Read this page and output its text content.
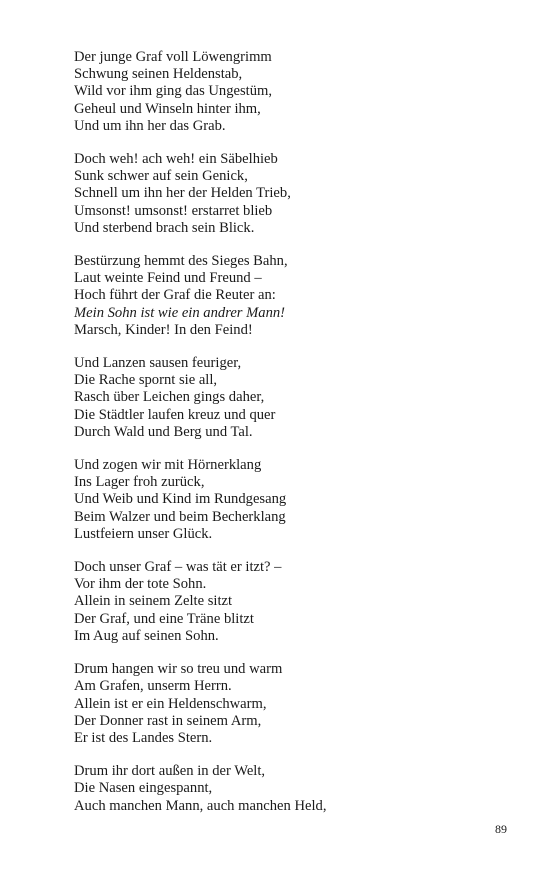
Der junge Graf voll Löwengrimm
Schwung seinen Heldenstab,
Wild vor ihm ging das Ungestüm,
Geheul und Winseln hinter ihm,
Und um ihn her das Grab.
Doch weh! ach weh! ein Säbelhieb
Sunk schwer auf sein Genick,
Schnell um ihn her der Helden Trieb,
Umsonst! umsonst! erstarret blieb
Und sterbend brach sein Blick.
Bestürzung hemmt des Sieges Bahn,
Laut weinte Feind und Freund –
Hoch führt der Graf die Reuter an:
Mein Sohn ist wie ein andrer Mann!
Marsch, Kinder! In den Feind!
Und Lanzen sausen feuriger,
Die Rache spornt sie all,
Rasch über Leichen gings daher,
Die Städtler laufen kreuz und quer
Durch Wald und Berg und Tal.
Und zogen wir mit Hörnerklang
Ins Lager froh zurück,
Und Weib und Kind im Rundgesang
Beim Walzer und beim Becherklang
Lustfeiern unser Glück.
Doch unser Graf – was tät er itzt? –
Vor ihm der tote Sohn.
Allein in seinem Zelte sitzt
Der Graf, und eine Träne blitzt
Im Aug auf seinen Sohn.
Drum hangen wir so treu und warm
Am Grafen, unserm Herrn.
Allein ist er ein Heldenschwarm,
Der Donner rast in seinem Arm,
Er ist des Landes Stern.
Drum ihr dort außen in der Welt,
Die Nasen eingespannt,
Auch manchen Mann, auch manchen Held,
89
